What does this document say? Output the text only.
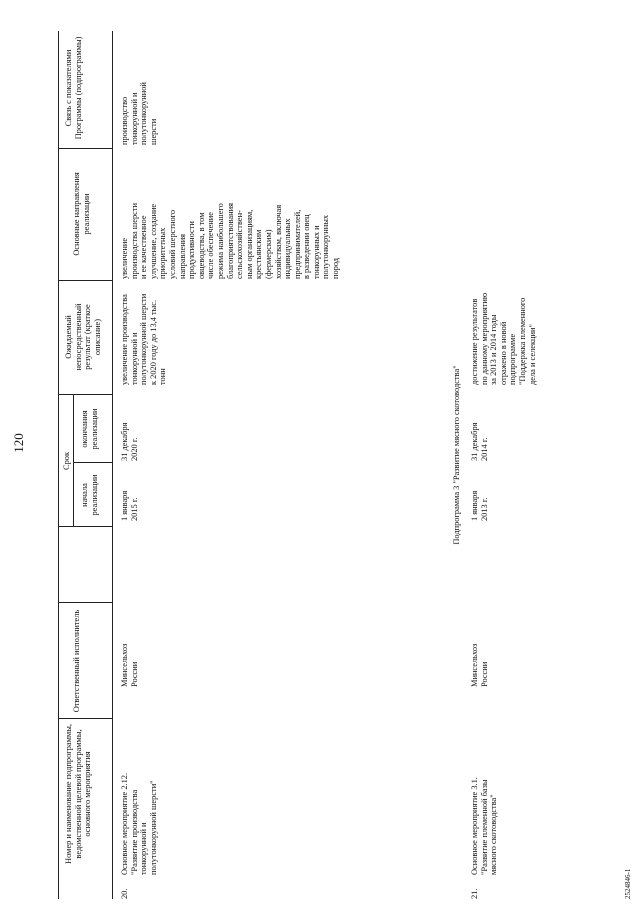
120
Номер и наименование подпрограммы, ведомственной целевой программы, основного мероприятия
Ответственный исполнитель
Срок
начала реализации
окончания реализации
Ожидаемый непосредственный результат (краткое описание)
Основные направления реализации
Связь с показателями Программы (подпрограммы)
20.
Основное мероприятие 2.12.
"Развитие производства
тонкорунной и
полутонкорунной шерсти"
Минсельхоз
России
1 января
2015 г.
31 декабря
2020 г.
увеличение производства
тонкорунной и
полутонкорунной шерсти
к 2020 году до 13,4 тыс.
тонн
увеличение
производства шерсти
и ее качественное
улучшение, создание
приоритетных
условий шерстного
направления
продуктивности
овцеводства, в том
числе обеспечение
режима наибольшего
благоприятствования
сельскохозяйствен-
ным организациям,
крестьянским
(фермерским)
хозяйствам, включая
индивидуальных
предпринимателей,
в разведении овец
тонкорунных и
полутонкорунных
пород
производство
тонкорунной и
полутонкорунной
шерсти
Подпрограмма 3 "Развитие мясного скотоводства"
21.
Основное мероприятие 3.1.
"Развитие племенной базы
мясного скотоводства"
Минсельхоз
России
1 января
2013 г.
31 декабря
2014 г.
достижение результатов
по данному мероприятию
за 2013 и 2014 годы
отражено в новой
подпрограмме
"Поддержка племенного
дела и селекции"
2524846-1
